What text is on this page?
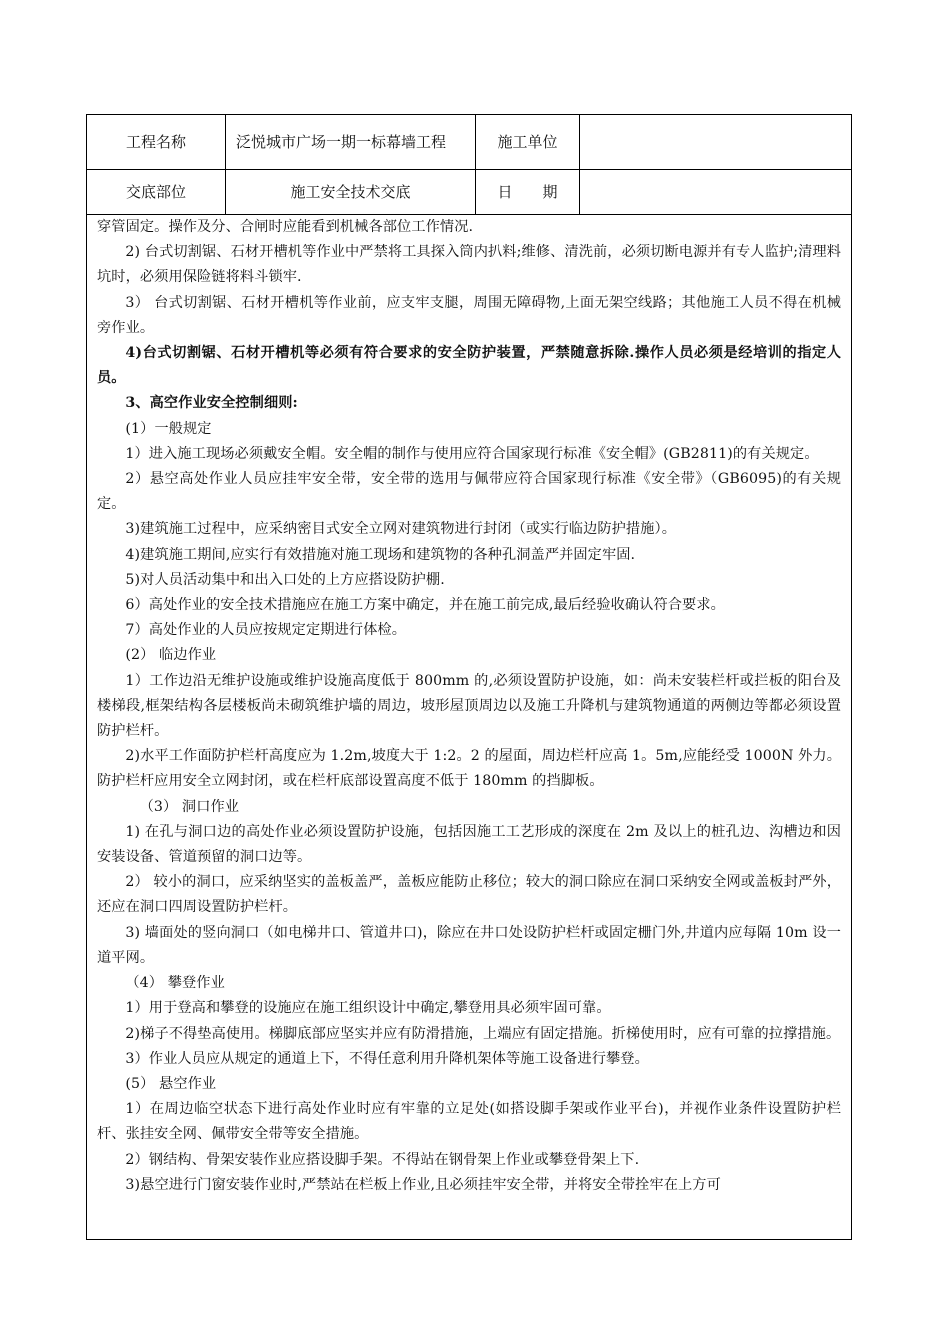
工程名称	泛悦城市广场一期一标幕墙工程	施工单位
交底部位	施工安全技术交底	日　　期

穿管固定。操作及分、合闸时应能看到机械各部位工作情况.

2) 台式切割锯、石材开槽机等作业中严禁将工具探入筒内扒料;维修、清洗前，必须切断电源并有专人监护;清理料坑时，必须用保险链将料斗锁牢.

3） 台式切割锯、石材开槽机等作业前，应支牢支腿，周围无障碍物,上面无架空线路；其他施工人员不得在机械旁作业。

4)台式切割锯、石材开槽机等必须有符合要求的安全防护装置，严禁随意拆除.操作人员必须是经培训的指定人员。

3、高空作业安全控制细则:

(1）一般规定

1）进入施工现场必须戴安全帽。安全帽的制作与使用应符合国家现行标准《安全帽》(GB2811)的有关规定。

2）悬空高处作业人员应挂牢安全带，安全带的选用与佩带应符合国家现行标准《安全带》（GB6095)的有关规定。

3)建筑施工过程中，应采纳密目式安全立网对建筑物进行封闭（或实行临边防护措施）。

4)建筑施工期间,应实行有效措施对施工现场和建筑物的各种孔洞盖严并固定牢固.

5)对人员活动集中和出入口处的上方应搭设防护棚.

6）高处作业的安全技术措施应在施工方案中确定，并在施工前完成,最后经验收确认符合要求。

7）高处作业的人员应按规定定期进行体检。

(2） 临边作业

1）工作边沿无维护设施或维护设施高度低于 800mm 的,必须设置防护设施，如：尚未安装栏杆或拦板的阳台及楼梯段,框架结构各层楼板尚未砌筑维护墙的周边，坡形屋顶周边以及施工升降机与建筑物通道的两侧边等都必须设置防护栏杆。

2)水平工作面防护栏杆高度应为 1.2m,坡度大于 1:2。2 的屋面，周边栏杆应高 1。5m,应能经受 1000N 外力。防护栏杆应用安全立网封闭，或在栏杆底部设置高度不低于 180mm 的挡脚板。

（3） 洞口作业

1) 在孔与洞口边的高处作业必须设置防护设施，包括因施工工艺形成的深度在 2m 及以上的桩孔边、沟槽边和因安装设备、管道预留的洞口边等。

2） 较小的洞口，应采纳坚实的盖板盖严，盖板应能防止移位；较大的洞口除应在洞口采纳安全网或盖板封严外，还应在洞口四周设置防护栏杆。

3) 墙面处的竖向洞口（如电梯井口、管道井口)，除应在井口处设防护栏杆或固定栅门外,井道内应每隔 10m 设一道平网。

（4） 攀登作业

1）用于登高和攀登的设施应在施工组织设计中确定,攀登用具必须牢固可靠。

2)梯子不得垫高使用。梯脚底部应坚实并应有防滑措施，上端应有固定措施。折梯使用时，应有可靠的拉撑措施。

3）作业人员应从规定的通道上下，不得任意利用升降机架体等施工设备进行攀登。

(5） 悬空作业

1）在周边临空状态下进行高处作业时应有牢靠的立足处(如搭设脚手架或作业平台)，并视作业条件设置防护栏杆、张挂安全网、佩带安全带等安全措施。

2）钢结构、骨架安装作业应搭设脚手架。不得站在钢骨架上作业或攀登骨架上下.

3)悬空进行门窗安装作业时,严禁站在栏板上作业,且必须挂牢安全带，并将安全带拴牢在上方可
